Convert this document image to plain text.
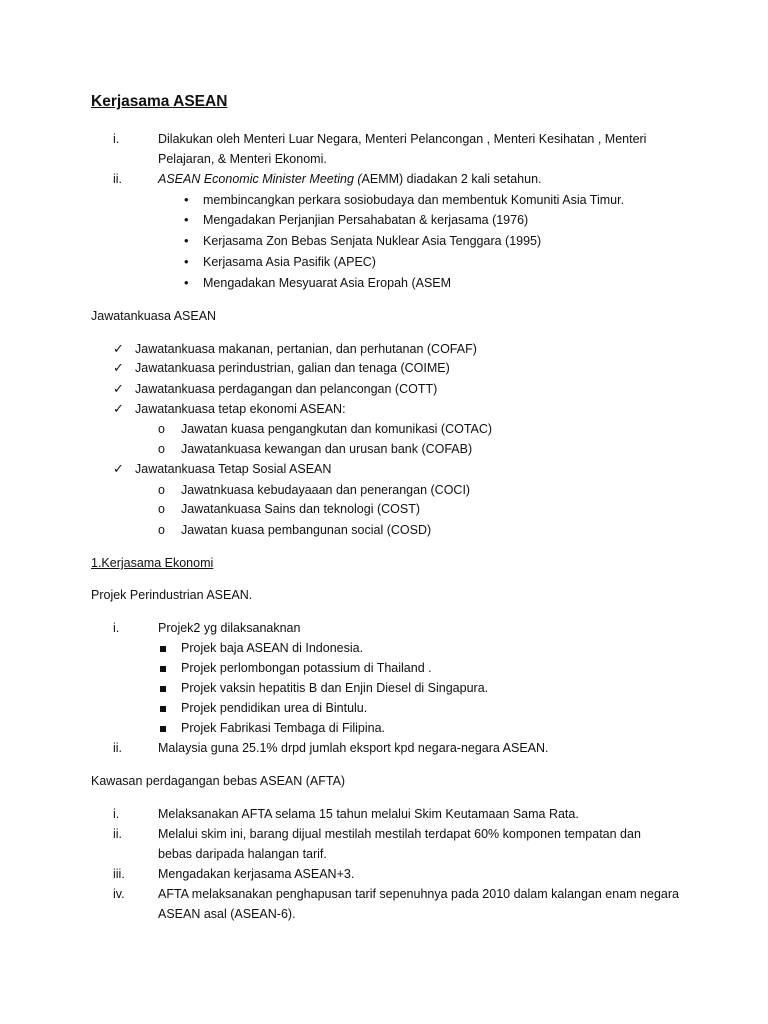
Kerjasama ASEAN
i.	Dilakukan oleh Menteri Luar Negara, Menteri Pelancongan , Menteri Kesihatan , Menteri
Pelajaran, & Menteri Ekonomi.
ii.	ASEAN Economic Minister Meeting (AEMM) diadakan 2 kali setahun.
• membincangkan perkara sosiobudaya dan membentuk Komuniti Asia Timur.
• Mengadakan Perjanjian Persahabatan & kerjasama (1976)
• Kerjasama Zon Bebas Senjata Nuklear Asia Tenggara (1995)
• Kerjasama Asia Pasifik (APEC)
• Mengadakan Mesyuarat Asia Eropah (ASEM
Jawatankuasa ASEAN
✓ Jawatankuasa makanan, pertanian, dan perhutanan (COFAF)
✓ Jawatankuasa perindustrian, galian dan tenaga (COIME)
✓ Jawatankuasa perdagangan dan pelancongan (COTT)
✓ Jawatankuasa tetap ekonomi ASEAN:
o Jawatan kuasa pengangkutan dan komunikasi (COTAC)
o Jawatankuasa kewangan dan urusan bank (COFAB)
✓ Jawatankuasa Tetap Sosial ASEAN
o Jawatnkuasa kebudayaaan dan penerangan (COCI)
o Jawatankuasa Sains dan teknologi (COST)
o Jawatan kuasa pembangunan social (COSD)
1.Kerjasama Ekonomi
Projek Perindustrian ASEAN.
i.	Projek2 yg dilaksanaknan
Projek baja ASEAN di Indonesia.
Projek perlombongan potassium di Thailand .
Projek vaksin hepatitis B dan Enjin Diesel di Singapura.
Projek pendidikan urea di Bintulu.
Projek Fabrikasi Tembaga di Filipina.
ii.	Malaysia guna 25.1% drpd jumlah eksport kpd negara-negara ASEAN.
Kawasan perdagangan bebas ASEAN (AFTA)
i.	Melaksanakan AFTA selama 15 tahun melalui Skim Keutamaan Sama Rata.
ii.	Melalui skim ini, barang dijual mestilah mestilah terdapat 60% komponen tempatan dan
bebas daripada halangan tarif.
iii.	Mengadakan kerjasama ASEAN+3.
iv.	AFTA melaksanakan penghapusan tarif sepenuhnya pada 2010 dalam kalangan enam negara
ASEAN asal (ASEAN-6).
